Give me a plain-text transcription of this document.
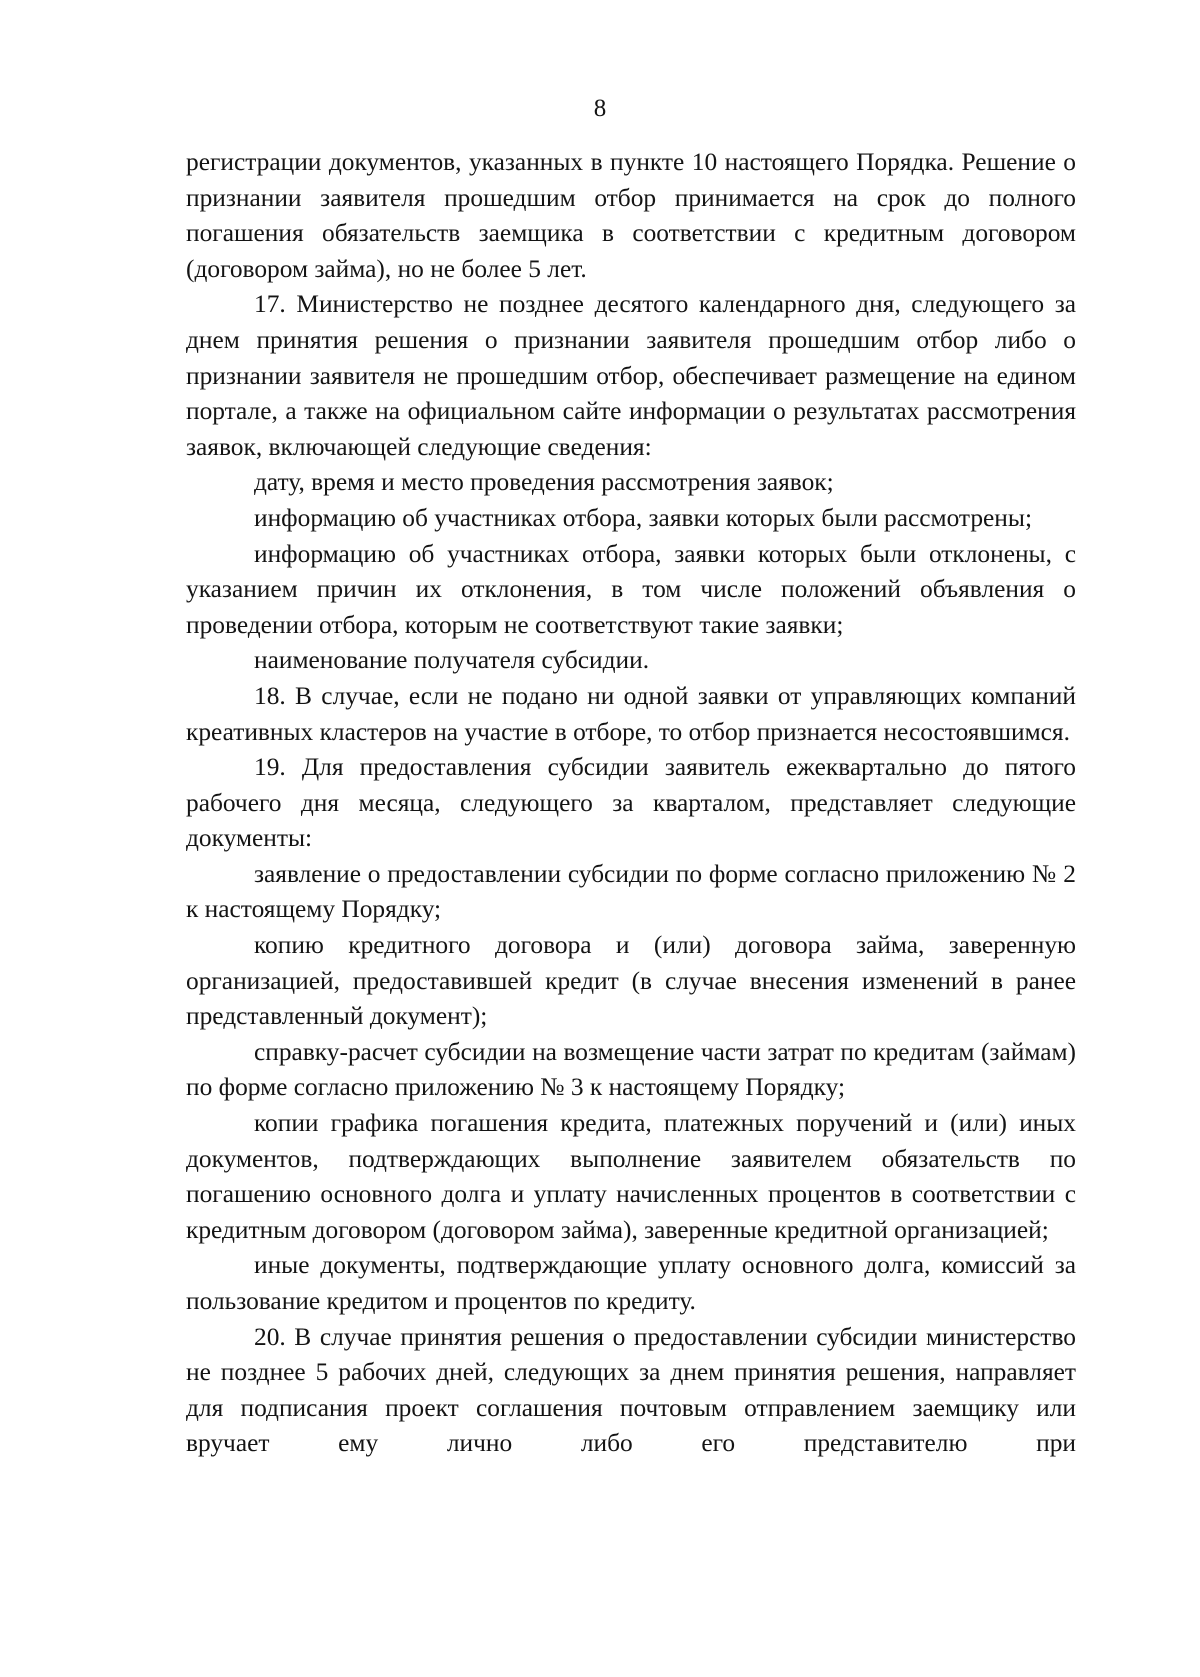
8

регистрации документов, указанных в пункте 10 настоящего Порядка. Решение о признании заявителя прошедшим отбор принимается на срок до полного погашения обязательств заемщика в соответствии с кредитным договором (договором займа), но не более 5 лет.

17. Министерство не позднее десятого календарного дня, следующего за днем принятия решения о признании заявителя прошедшим отбор либо о признании заявителя не прошедшим отбор, обеспечивает размещение на едином портале, а также на официальном сайте информации о результатах рассмотрения заявок, включающей следующие сведения:

дату, время и место проведения рассмотрения заявок;

информацию об участниках отбора, заявки которых были рассмотрены;

информацию об участниках отбора, заявки которых были отклонены, с указанием причин их отклонения, в том числе положений объявления о проведении отбора, которым не соответствуют такие заявки;

наименование получателя субсидии.

18. В случае, если не подано ни одной заявки от управляющих компаний креативных кластеров на участие в отборе, то отбор признается несостоявшимся.

19. Для предоставления субсидии заявитель ежеквартально до пятого рабочего дня месяца, следующего за кварталом, представляет следующие документы:

заявление о предоставлении субсидии по форме согласно приложению № 2 к настоящему Порядку;

копию кредитного договора и (или) договора займа, заверенную организацией, предоставившей кредит (в случае внесения изменений в ранее представленный документ);

справку-расчет субсидии на возмещение части затрат по кредитам (займам) по форме согласно приложению № 3 к настоящему Порядку;

копии графика погашения кредита, платежных поручений и (или) иных документов, подтверждающих выполнение заявителем обязательств по погашению основного долга и уплату начисленных процентов в соответствии с кредитным договором (договором займа), заверенные кредитной организацией;

иные документы, подтверждающие уплату основного долга, комиссий за пользование кредитом и процентов по кредиту.

20. В случае принятия решения о предоставлении субсидии министерство не позднее 5 рабочих дней, следующих за днем принятия решения, направляет для подписания проект соглашения почтовым отправлением заемщику или вручает ему лично либо его представителю при
